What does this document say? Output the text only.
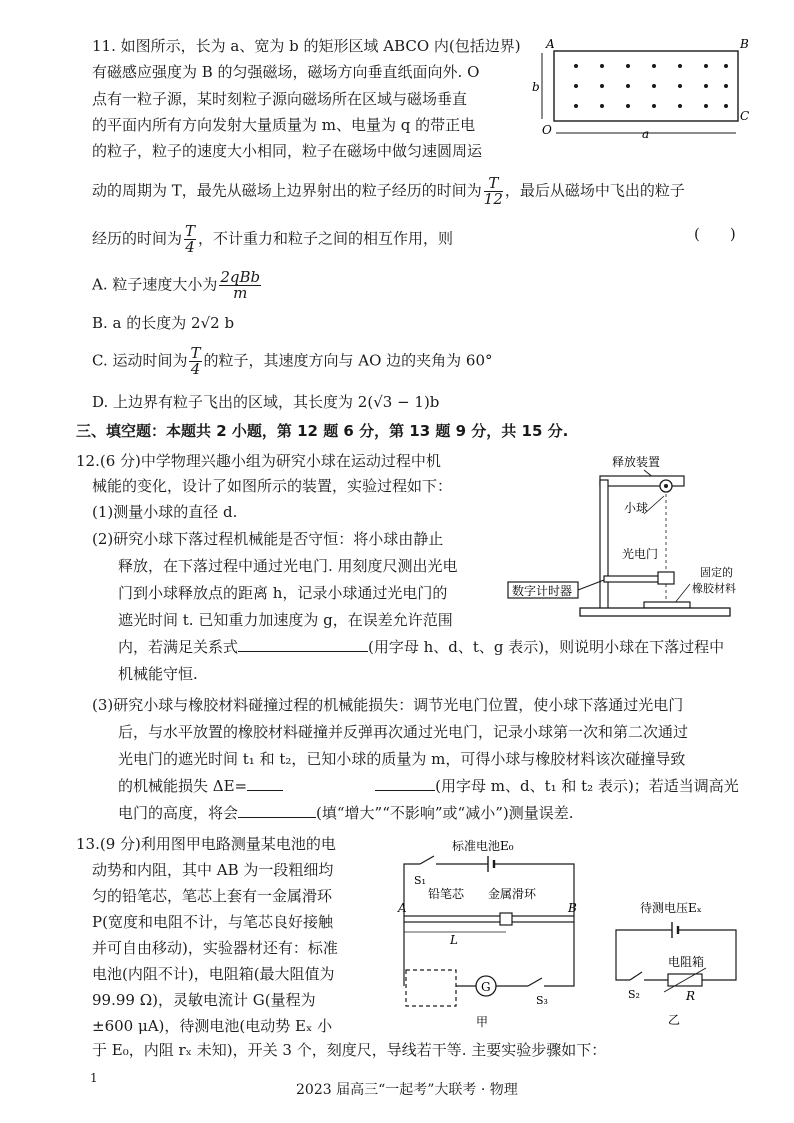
11. 如图所示，长为 a、宽为 b 的矩形区域 ABCO 内(包括边界)
有磁感应强度为 B 的匀强磁场，磁场方向垂直纸面向外. O
点有一粒子源，某时刻粒子源向磁场所在区域与磁场垂直
的平面内所有方向发射大量质量为 m、电量为 q 的带正电
的粒子，粒子的速度大小相同，粒子在磁场中做匀速圆周运
动的周期为 T，最先从磁场上边界射出的粒子经历的时间为 $\frac{T}{12}$ ，最后从磁场中飞出的粒子
经历的时间为 $\frac{T}{4}$ ，不计重力和粒子之间的相互作用，则	(　　)
A. 粒子速度大小为 $\frac{\text{2qBb}}{m}$
B. a 的长度为 2√2 b
C. 运动时间为 $\frac{T}{4}$ 的粒子，其速度方向与 AO 边的夹角为 60°
D. 上边界有粒子飞出的区域，其长度为 2(√3 − 1)b
A	B
C
O
b
a
三、填空题：本题共 2 小题，第 12 题 6 分，第 13 题 9 分，共 15 分.
12.(6 分)中学物理兴趣小组为研究小球在运动过程中机
械能的变化，设计了如图所示的装置，实验过程如下：
(1)测量小球的直径 d.
(2)研究小球下落过程机械能是否守恒：将小球由静止
释放，在下落过程中通过光电门. 用刻度尺测出光电
门到小球释放点的距离 h，记录小球通过光电门的
遮光时间 t. 已知重力加速度为 g，在误差允许范围
内，若满足关系式	(用字母 h、d、t、g 表示)，则说明小球在下落过程中
机械能守恒.
(3)研究小球与橡胶材料碰撞过程的机械能损失：调节光电门位置，使小球下落通过光电门
后，与水平放置的橡胶材料碰撞并反弹再次通过光电门，记录小球第一次和第二次通过
光电门的遮光时间 t₁ 和 t₂，已知小球的质量为 m，可得小球与橡胶材料该次碰撞导致
的机械能损失 ΔE=	(用字母 m、d、t₁ 和 t₂ 表示)；若适当调高光
电门的高度，将会	(填“增大”“不影响”或“减小”)测量误差.
释放装置
小球
光电门
数字计时器
固定的
橡胶材料
13.(9 分)利用图甲电路测量某电池的电
动势和内阻，其中 AB 为一段粗细均
匀的铅笔芯，笔芯上套有一金属滑环
P(宽度和电阻不计，与笔芯良好接触
并可自由移动)，实验器材还有：标准
电池(内阻不计)，电阻箱(最大阻值为
99.99 Ω)，灵敏电流计 G(量程为
±600 μA)，待测电池(电动势 Eₓ 小
于 E₀，内阻 rₓ 未知)，开关 3 个，刻度尺，导线若干等. 主要实验步骤如下：
标准电池E₀
S₁
铅笔芯 金属滑环
A	B
L
G
S₃
甲
待测电压Eₓ
电阻箱
S₂	R
乙
1
2023 届高三“一起考”大联考 · 物理
